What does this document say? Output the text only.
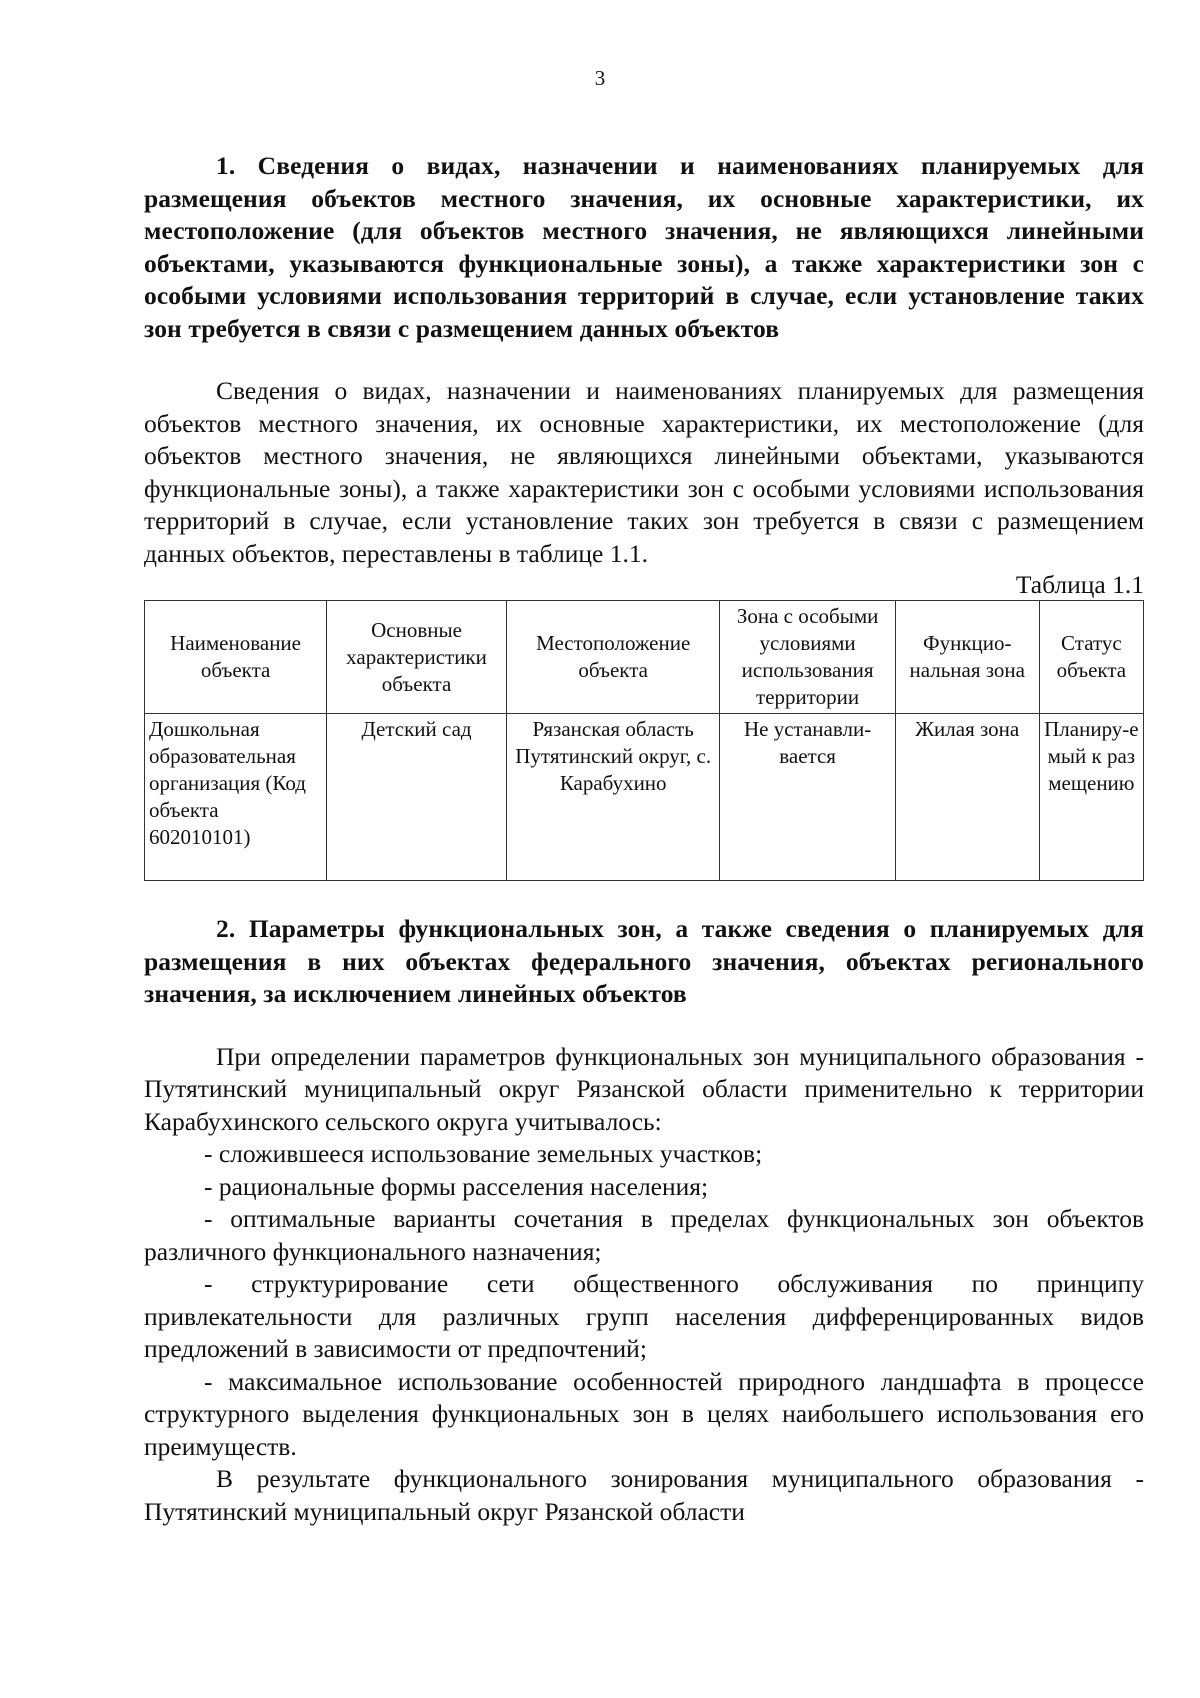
3

1. Сведения о видах, назначении и наименованиях планируемых для размещения объектов местного значения, их основные характеристики, их местоположение (для объектов местного значения, не являющихся линейными объектами, указываются функциональные зоны), а также характеристики зон с особыми условиями использования территорий в случае, если установление таких зон требуется в связи с размещением данных объектов

Сведения о видах, назначении и наименованиях планируемых для размещения объектов местного значения, их основные характеристики, их местоположение (для объектов местного значения, не являющихся линейными объектами, указываются функциональные зоны), а также характеристики зон с особыми условиями использования территорий в случае, если установление таких зон требуется в связи с размещением данных объектов, переставлены в таблице 1.1.

Таблица 1.1

Наименование объекта	Основные характеристики объекта	Местоположение объекта	Зона с особыми условиями использования территории	Функцио-нальная зона	Статус объекта
Дошкольная образовательная организация (Код объекта 602010101)	Детский сад	Рязанская область Путятинский округ, с. Карабухино	Не устанавли-вается	Жилая зона	Планиру-емый к размещению

2. Параметры функциональных зон, а также сведения о планируемых для размещения в них объектах федерального значения, объектах регионального значения, за исключением линейных объектов

При определении параметров функциональных зон муниципального образования - Путятинский муниципальный округ Рязанской области применительно к территории Карабухинского сельского округа учитывалось:

- сложившееся использование земельных участков;

- рациональные формы расселения населения;

- оптимальные варианты сочетания в пределах функциональных зон объектов различного функционального назначения;

- структурирование сети общественного обслуживания по принципу привлекательности для различных групп населения дифференцированных видов предложений в зависимости от предпочтений;

- максимальное использование особенностей природного ландшафта в процессе структурного выделения функциональных зон в целях наибольшего использования его преимуществ.

В результате функционального зонирования муниципального образования - Путятинский муниципальный округ Рязанской области
